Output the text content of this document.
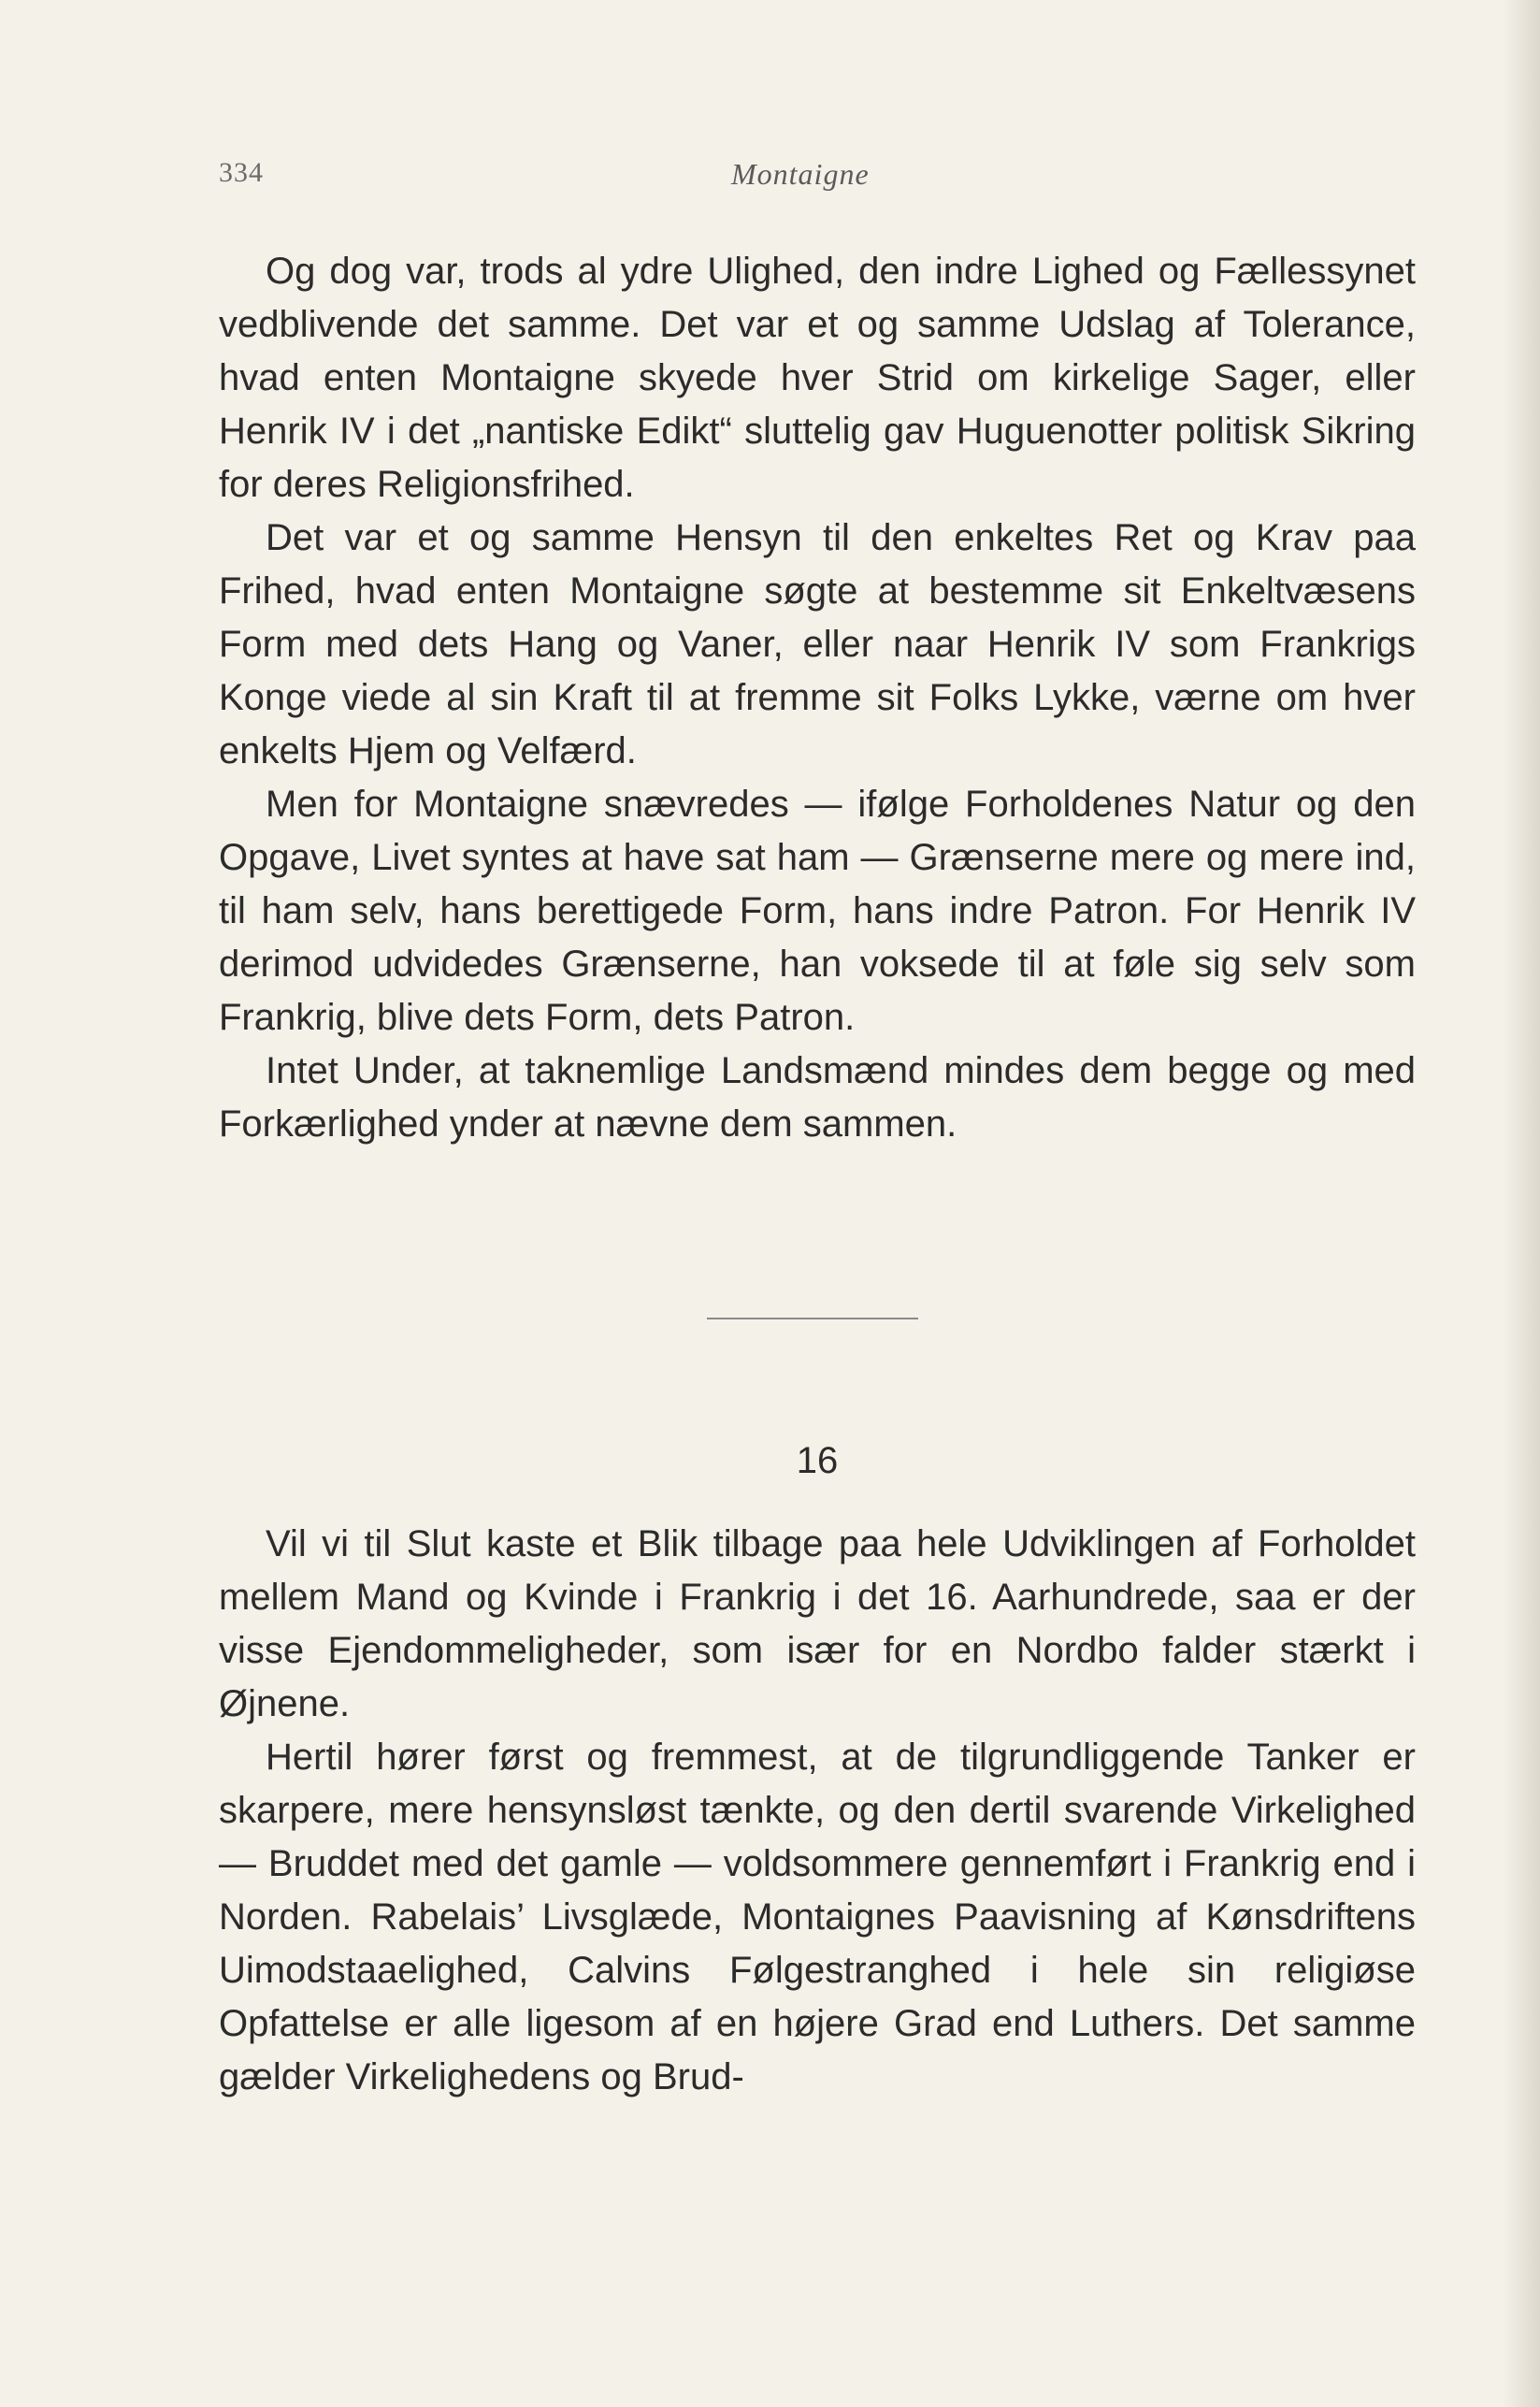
334	Montaigne

Og dog var, trods al ydre Ulighed, den indre Lighed og Fællessynet vedblivende det samme. Det var et og samme Udslag af Tolerance, hvad enten Montaigne skyede hver Strid om kirkelige Sager, eller Henrik IV i det „nantiske Edikt“ sluttelig gav Huguenotter politisk Sikring for deres Religionsfrihed.

Det var et og samme Hensyn til den enkeltes Ret og Krav paa Frihed, hvad enten Montaigne søgte at bestemme sit Enkeltvæsens Form med dets Hang og Vaner, eller naar Henrik IV som Frankrigs Konge viede al sin Kraft til at fremme sit Folks Lykke, værne om hver enkelts Hjem og Velfærd.

Men for Montaigne snævredes — ifølge Forholdenes Natur og den Opgave, Livet syntes at have sat ham — Grænserne mere og mere ind, til ham selv, hans berettigede Form, hans indre Patron. For Henrik IV derimod udvidedes Grænserne, han voksede til at føle sig selv som Frankrig, blive dets Form, dets Patron.

Intet Under, at taknemlige Landsmænd mindes dem begge og med Forkærlighed ynder at nævne dem sammen.

16

Vil vi til Slut kaste et Blik tilbage paa hele Udviklingen af Forholdet mellem Mand og Kvinde i Frankrig i det 16. Aarhundrede, saa er der visse Ejendommeligheder, som især for en Nordbo falder stærkt i Øjnene.

Hertil hører først og fremmest, at de tilgrundliggende Tanker er skarpere, mere hensynsløst tænkte, og den dertil svarende Virkelighed — Bruddet med det gamle — voldsommere gennemført i Frankrig end i Norden. Rabelais’ Livsglæde, Montaignes Paavisning af Kønsdriftens Uimodstaaelighed, Calvins Følgestranghed i hele sin religiøse Opfattelse er alle ligesom af en højere Grad end Luthers. Det samme gælder Virkelighedens og Brud-
